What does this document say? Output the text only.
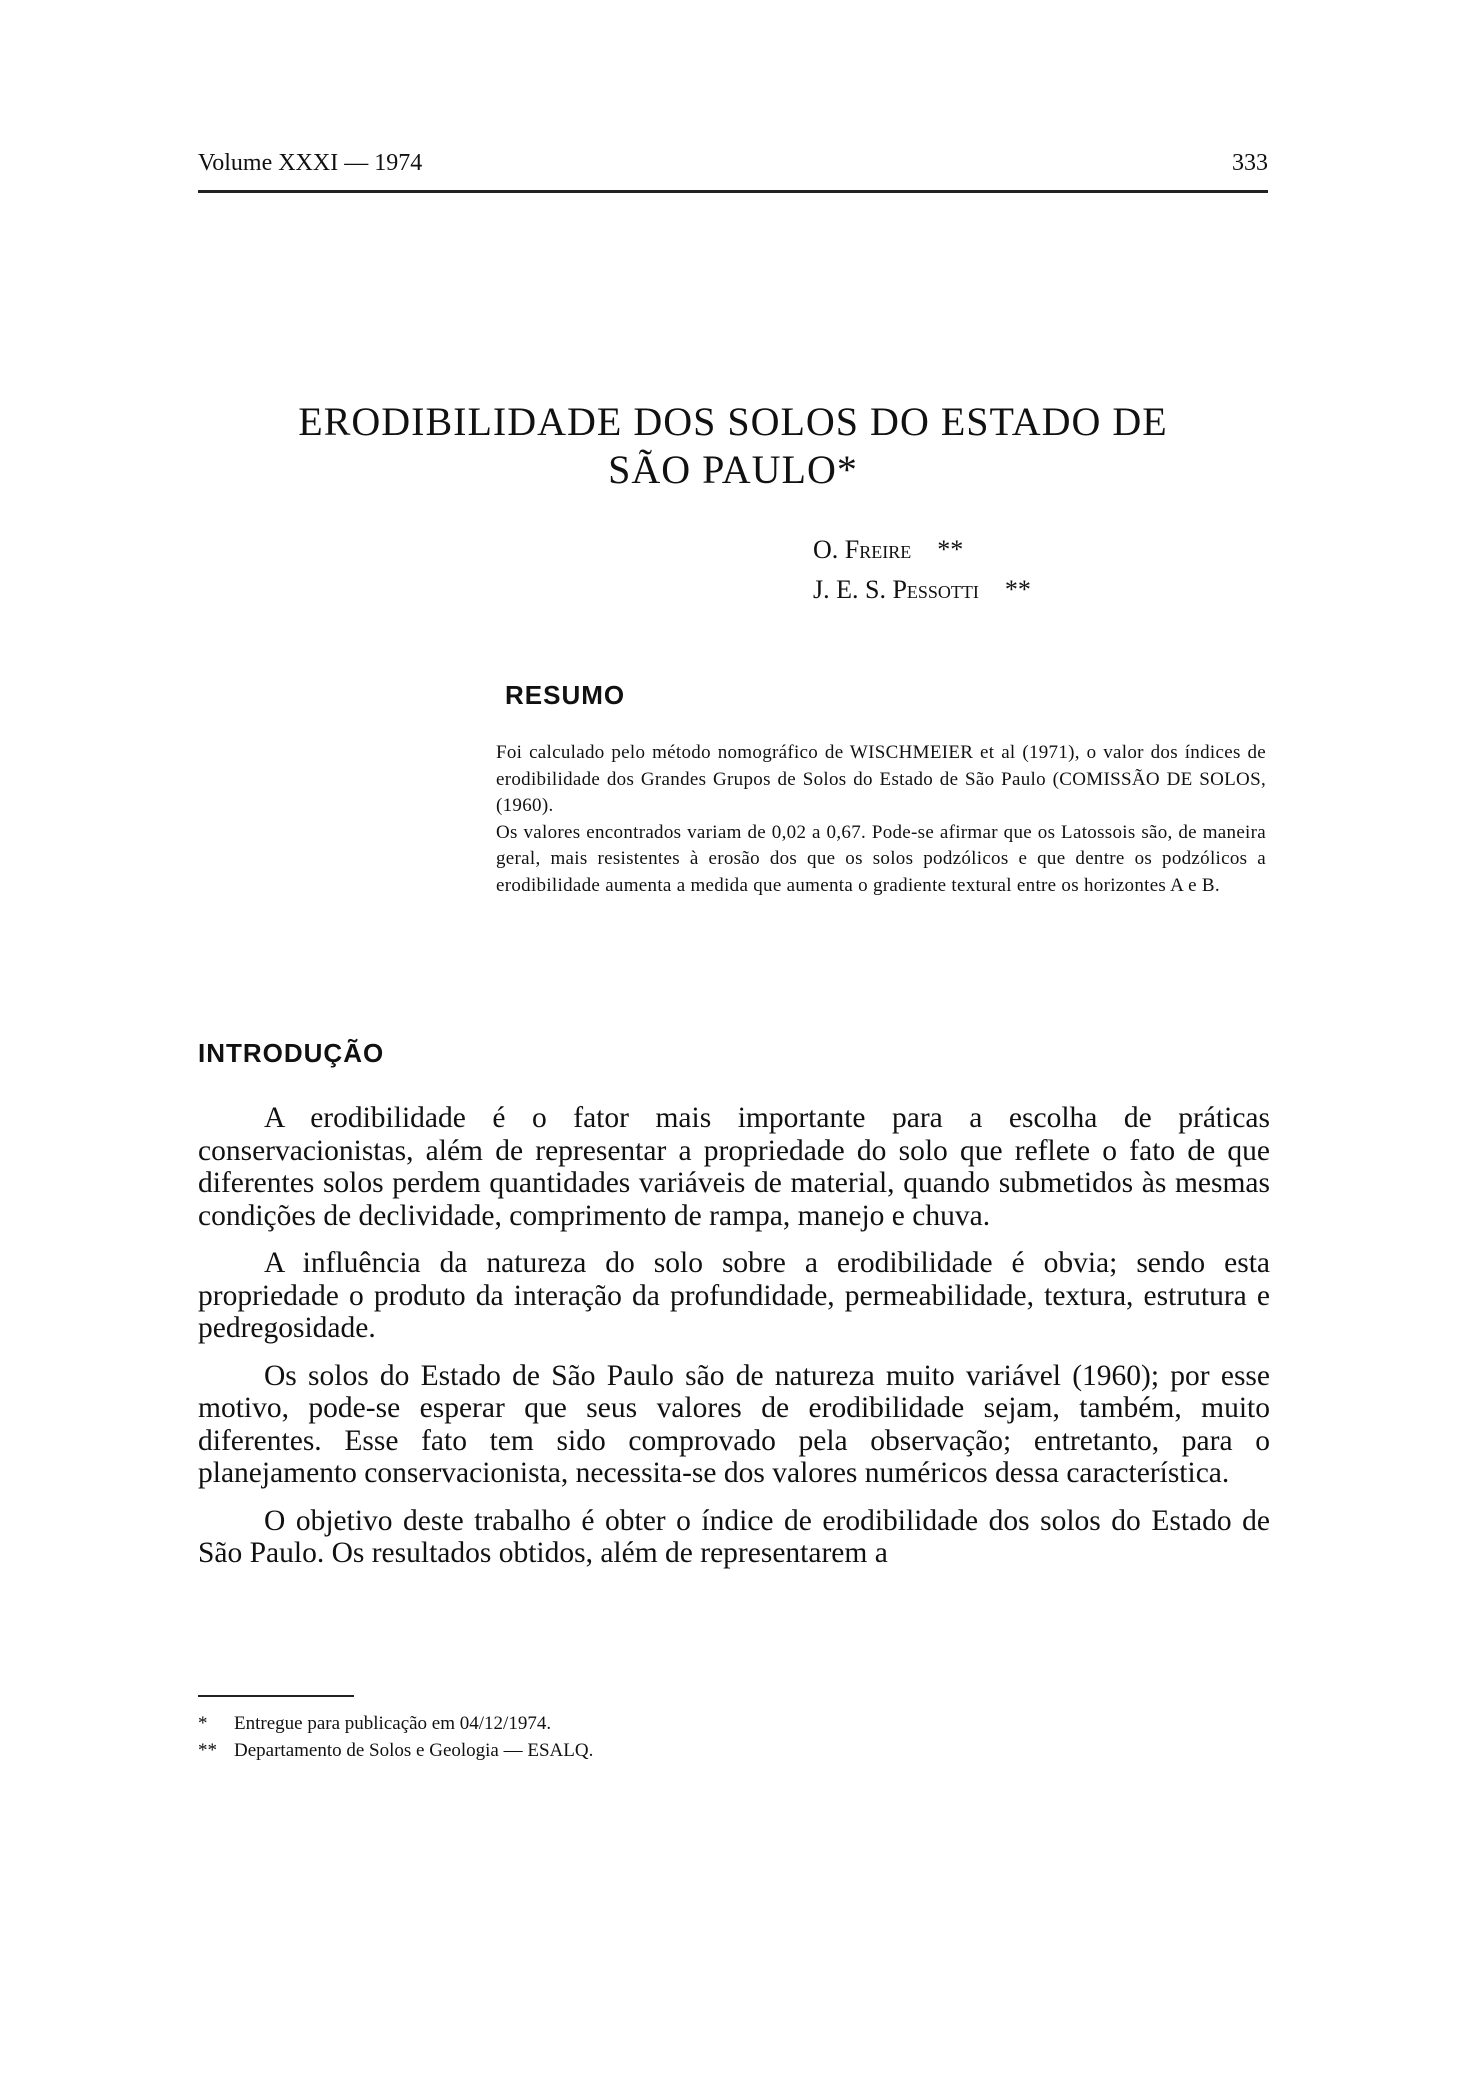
Volume XXXI — 1974	333
ERODIBILIDADE DOS SOLOS DO ESTADO DE
SÃO PAULO*
O. Freire **
J. E. S. Pessotti **
RESUMO

Foi calculado pelo método nomográfico de WISCHMEIER et al (1971), o valor dos índices de erodibilidade dos Grandes Grupos de Solos do Estado de São Paulo (COMISSÃO DE SOLOS, (1960).

Os valores encontrados variam de 0,02 a 0,67. Pode-se afirmar que os Latossois são, de maneira geral, mais resistentes à erosão dos que os solos podzólicos e que dentre os podzólicos a erodibilidade aumenta a medida que aumenta o gradiente textural entre os horizontes A e B.

INTRODUÇÃO

A erodibilidade é o fator mais importante para a escolha de práticas conservacionistas, além de representar a propriedade do solo que reflete o fato de que diferentes solos perdem quantidades variáveis de material, quando submetidos às mesmas condições de declividade, comprimento de rampa, manejo e chuva.

A influência da natureza do solo sobre a erodibilidade é obvia; sendo esta propriedade o produto da interação da profundidade, permeabilidade, textura, estrutura e pedregosidade.

Os solos do Estado de São Paulo são de natureza muito variável (1960); por esse motivo, pode-se esperar que seus valores de erodibilidade sejam, também, muito diferentes. Esse fato tem sido comprovado pela observação; entretanto, para o planejamento conservacionista, necessita-se dos valores numéricos dessa característica.

O objetivo deste trabalho é obter o índice de erodibilidade dos solos do Estado de São Paulo. Os resultados obtidos, além de representarem a

* Entregue para publicação em 04/12/1974.
** Departamento de Solos e Geologia — ESALQ.
